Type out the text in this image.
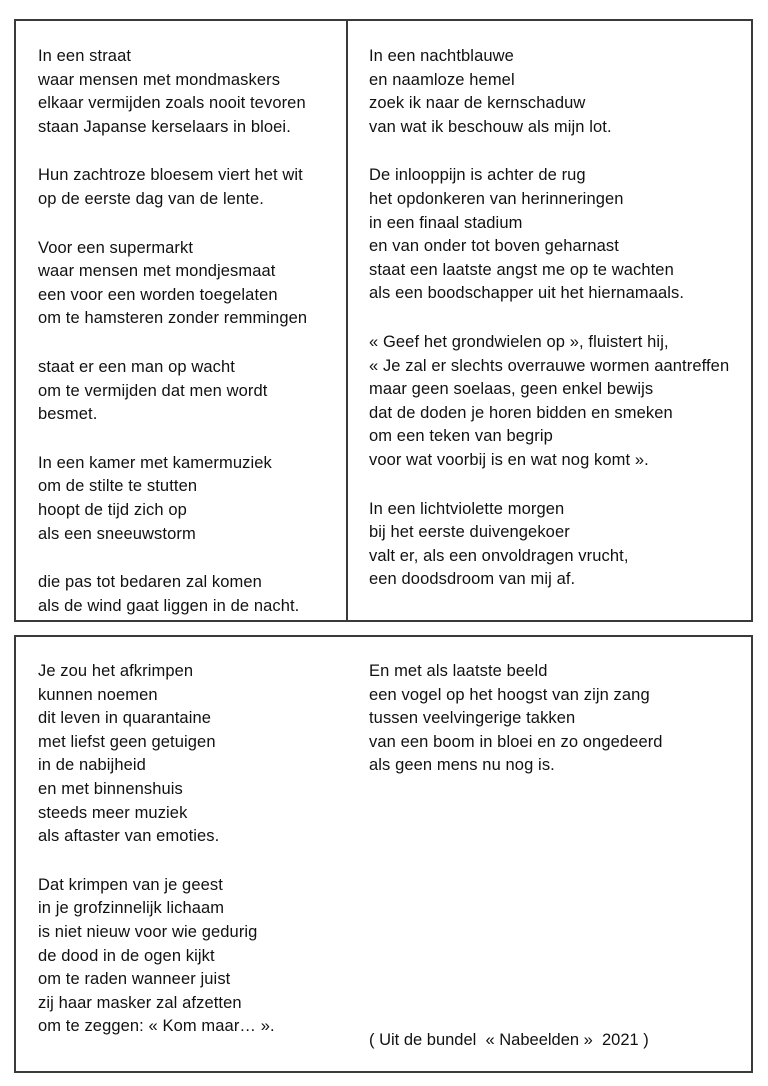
In een straat
waar mensen met mondmaskers
elkaar vermijden zoals nooit tevoren
staan Japanse kerselaars in bloei.
Hun zachtroze bloesem viert het wit
op de eerste dag van de lente.
Voor een supermarkt
waar mensen met mondjesmaat
een voor een worden toegelaten
om te hamsteren zonder remmingen
staat er een man op wacht
om te vermijden dat men wordt
besmet.
In een kamer met kamermuziek
om de stilte te stutten
hoopt de tijd zich op
als een sneeuwstorm
die pas tot bedaren zal komen
als de wind gaat liggen in de nacht.
In een nachtblauwe
en naamloze hemel
zoek ik naar de kernschaduw
van wat ik beschouw als mijn lot.
De inlooppijn is achter de rug
het opdonkeren van herinneringen
in een finaal stadium
en van onder tot boven geharnast
staat een laatste angst me op te wachten
als een boodschapper uit het hiernamaals.
« Geef het grondwielen op », fluistert hij,
« Je zal er slechts overrauwe wormen aantreffen
maar geen soelaas, geen enkel bewijs
dat de doden je horen bidden en smeken
om een teken van begrip
voor wat voorbij is en wat nog komt ».
In een lichtviolette morgen
bij het eerste duivengekoer
valt er, als een onvoldragen vrucht,
een doodsdroom van mij af.
Je zou het afkrimpen
kunnen noemen
dit leven in quarantaine
met liefst geen getuigen
in de nabijheid
en met binnenshuis
steeds meer muziek
als aftaster van emoties.
Dat krimpen van je geest
in je grofzinnelijk lichaam
is niet nieuw voor wie gedurig
de dood in de ogen kijkt
om te raden wanneer juist
zij haar masker zal afzetten
om te zeggen: « Kom maar… ».
En met als laatste beeld
een vogel op het hoogst van zijn zang
tussen veelvingerige takken
van een boom in bloei en zo ongedeerd
als geen mens nu nog is.
( Uit de bundel  « Nabeelden »  2021 )
